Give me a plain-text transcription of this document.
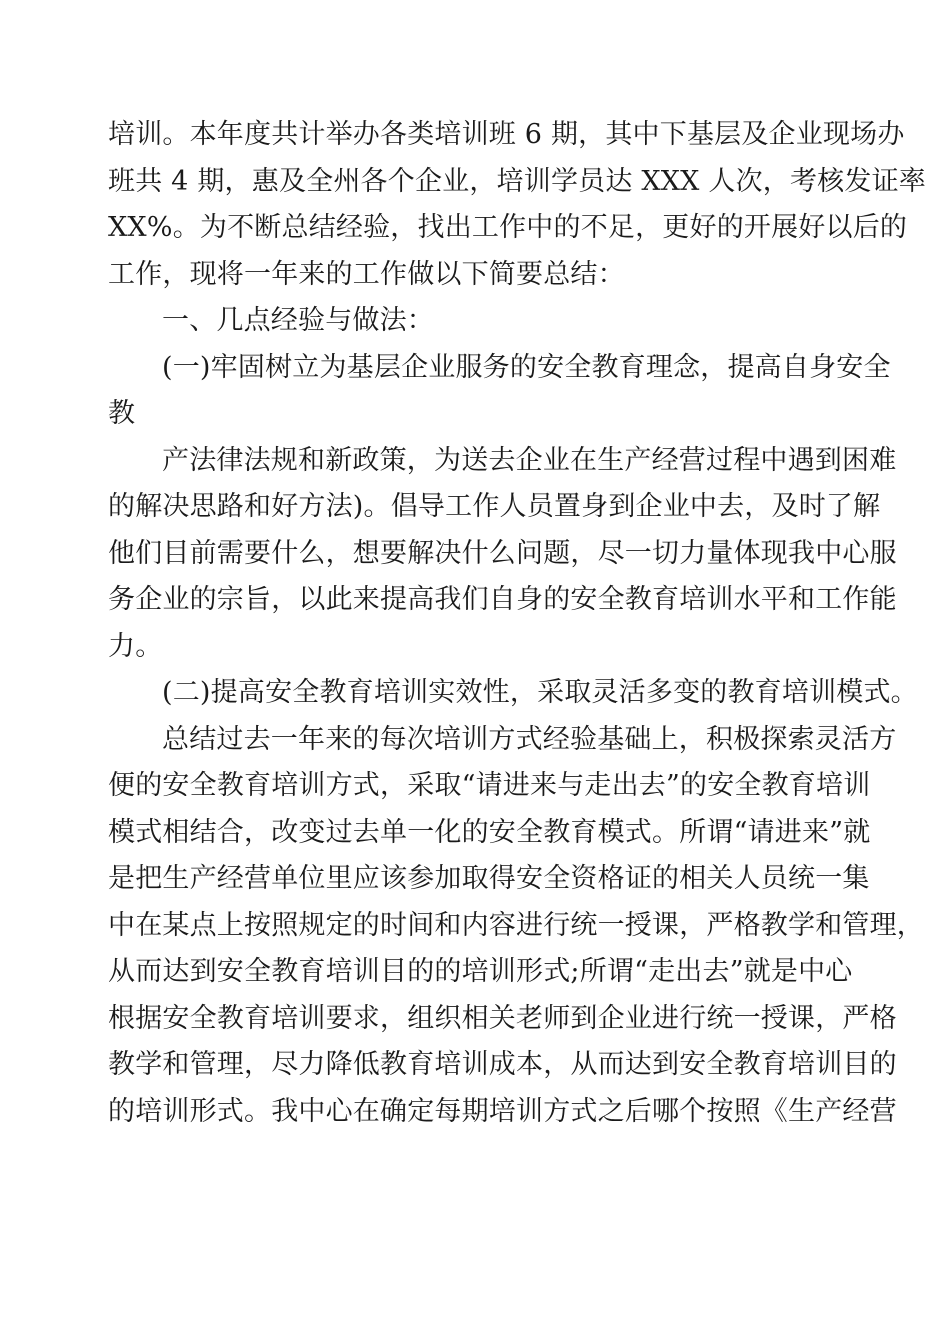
培训。本年度共计举办各类培训班 6 期，其中下基层及企业现场办
班共 4 期，惠及全州各个企业，培训学员达 XXX 人次，考核发证率
XX%。为不断总结经验，找出工作中的不足，更好的开展好以后的
工作，现将一年来的工作做以下简要总结：
一、几点经验与做法：
(一)牢固树立为基层企业服务的安全教育理念，提高自身安全
教
产法律法规和新政策，为送去企业在生产经营过程中遇到困难
的解决思路和好方法)。倡导工作人员置身到企业中去，及时了解
他们目前需要什么，想要解决什么问题，尽一切力量体现我中心服
务企业的宗旨，以此来提高我们自身的安全教育培训水平和工作能
力。
(二)提高安全教育培训实效性，采取灵活多变的教育培训模式。
总结过去一年来的每次培训方式经验基础上，积极探索灵活方
便的安全教育培训方式，采取“请进来与走出去”的安全教育培训
模式相结合，改变过去单一化的安全教育模式。所谓“请进来”就
是把生产经营单位里应该参加取得安全资格证的相关人员统一集
中在某点上按照规定的时间和内容进行统一授课，严格教学和管理，
从而达到安全教育培训目的的培训形式;所谓“走出去”就是中心
根据安全教育培训要求，组织相关老师到企业进行统一授课，严格
教学和管理，尽力降低教育培训成本，从而达到安全教育培训目的
的培训形式。我中心在确定每期培训方式之后哪个按照《生产经营
